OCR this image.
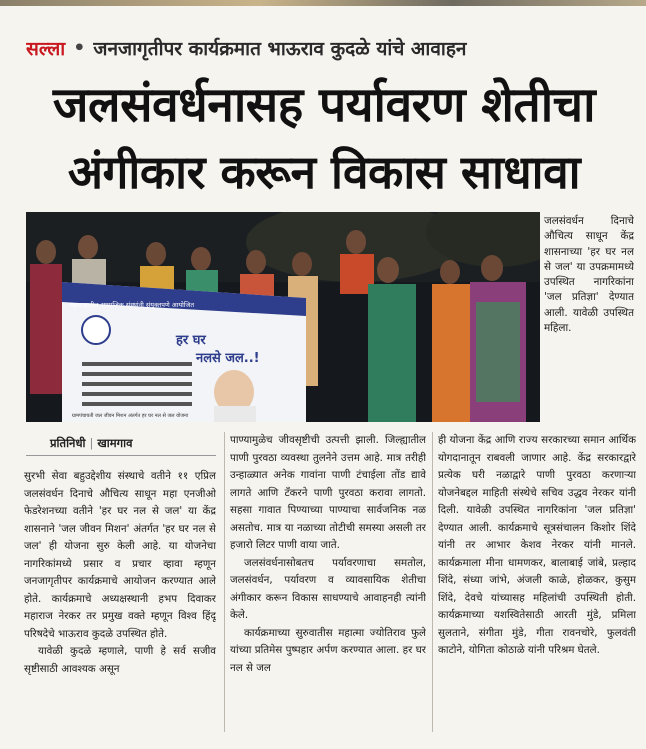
सल्ला • जनजागृतीपर कार्यक्रमात भाऊराव कुदळे यांचे आवाहन
जलसंवर्धनासह पर्यावरण शेतीचा
अंगीकार करून विकास साधावा
महाराष्ट्रातील सामाजिक संस्थांनी संयुक्तपणे आयोजित
हर घर
नलसे जल..!
ग्रामपंचायती जल जीवन मिशन अंतर्गत हर घर नल से जल योजना
जलसंवर्धन दिनाचे औचित्य साधून केंद्र शासनाच्या 'हर घर नल से जल' या उपक्रमामध्ये उपस्थित नागरिकांना 'जल प्रतिज्ञा' देण्यात आली. यावेळी उपस्थित महिला.
प्रतिनिधी | खामगाव

सुरभी सेवा बहुउद्देशीय संस्थाचे वतीने ११ एप्रिल जलसंवर्धन दिनाचे औचित्य साधून महा एनजीओ फेडरेशनच्या वतीने 'हर घर नल से जल' या केंद्र शासनाने 'जल जीवन मिशन' अंतर्गत 'हर घर नल से जल' ही योजना सुरु केली आहे. या योजनेचा नागरिकांमध्ये प्रसार व प्रचार व्हावा म्हणून जनजागृतीपर कार्यक्रमाचे आयोजन करण्यात आले होते. कार्यक्रमाचे अध्यक्षस्थानी हभप दिवाकर महाराज नेरकर तर प्रमुख वक्ते म्हणून विश्व हिंदू परिषदेचे भाऊराव कुदळे उपस्थित होते.

यावेळी कुदळे म्हणाले, पाणी हे सर्व सजीव सृष्टीसाठी आवश्यक असून

पाण्यामुळेच जीवसृष्टीची उत्पत्ती झाली. जिल्ह्यातील पाणी पुरवठा व्यवस्था तुलनेने उत्तम आहे. मात्र तरीही उन्हाळ्यात अनेक गावांना पाणी टंचाईला तोंड द्यावे लागते आणि टँकरने पाणी पुरवठा करावा लागतो. सहसा गावात पिण्याच्या पाण्याचा सार्वजनिक नळ असतोच. मात्र या नळाच्या तोटीची समस्या असली तर हजारो लिटर पाणी वाया जाते.

जलसंवर्धनासोबतच पर्यावरणाचा समतोल, जलसंवर्धन, पर्यावरण व व्यावसायिक शेतीचा अंगीकार करून विकास साधण्याचे आवाहनही त्यांनी केले.

कार्यक्रमाच्या सुरुवातीस महात्मा ज्योतिराव फुले यांच्या प्रतिमेस पुष्पहार अर्पण करण्यात आला. हर घर नल से जल

ही योजना केंद्र आणि राज्य सरकारच्या समान आर्थिक योगदानातून राबवली जाणार आहे. केंद्र सरकारद्वारे प्रत्येक घरी नळाद्वारे पाणी पुरवठा करणाऱ्या योजनेबद्दल माहिती संस्थेचे सचिव उद्धव नेरकर यांनी दिली. यावेळी उपस्थित नागरिकांना 'जल प्रतिज्ञा' देण्यात आली. कार्यक्रमाचे सूत्रसंचालन किशोर शिंदे यांनी तर आभार केशव नेरकर यांनी मानले. कार्यक्रमाला मीना धामणकर, बालाबाई जांबे, प्रल्हाद शिंदे, संध्या जांभे, अंजली काळे, होळकर, कुसुम शिंदे, देवचे यांच्यासह महिलांची उपस्थिती होती. कार्यक्रमाच्या यशस्वितेसाठी आरती मुंडे, प्रमिला सुलताने, संगीता मुंडे, गीता रावनचोरे, फुलवंती काटोने, योगिता कोठाळे यांनी परिश्रम घेतले.
